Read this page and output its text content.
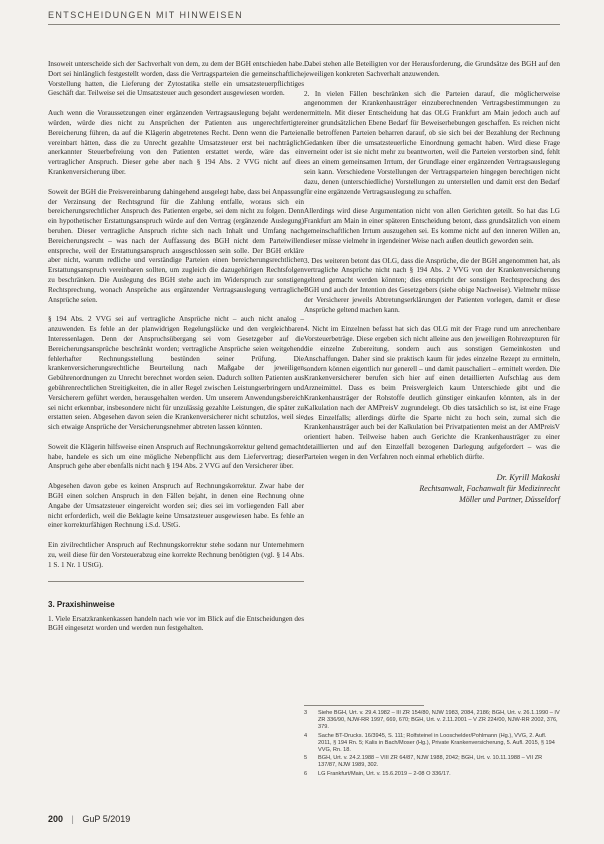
ENTSCHEIDUNGEN MIT HINWEISEN

Insoweit unterscheide sich der Sachverhalt von dem, zu dem der BGH entschieden habe. Dort sei hinlänglich festgestellt worden, dass die Vertragsparteien die gemeinschaftliche Vorstellung hatten, die Lieferung der Zytostatika stelle ein umsatzsteuerpflichtiges Geschäft dar. Teilweise sei die Umsatzsteuer auch gesondert ausgewiesen worden.

Auch wenn die Voraussetzungen einer ergänzenden Vertragsauslegung bejaht werden würden, würde dies nicht zu Ansprüchen der Patienten aus ungerechtfertigter Bereicherung führen, da auf die Klägerin abgetretenes Recht. Denn wenn die Parteien vereinbart hätten, dass die zu Unrecht gezahlte Umsatzsteuer erst bei nachträglich anerkannter Steuerbefreiung von den Patienten erstattet werde, wäre das ein vertraglicher Anspruch. Dieser gehe aber nach § 194 Abs. 2 VVG nicht auf die Krankenversicherung über.

Soweit der BGH die Preisvereinbarung dahingehend ausgelegt habe, dass bei Anpassung der Verzinsung der Rechtsgrund für die Zahlung entfalle, woraus sich ein bereicherungsrechtlicher Anspruch des Patienten ergebe, sei dem nicht zu folgen. Denn ein hypothetischer Erstattungsanspruch würde auf den Vertrag (ergänzende Auslegung) beruhen. Dieser vertragliche Anspruch richte sich nach Inhalt und Umfang nach Bereicherungsrecht – was nach der Auffassung des BGH nicht dem Parteiwillen entspreche, weil der Erstattungsanspruch ausgeschlossen sein solle. Der BGH erkläre aber nicht, warum redliche und verständige Parteien einen bereicherungsrechtlichen Erstattungsanspruch vereinbaren sollten, um zugleich die dazugehörigen Rechtsfolgen zu beschränken. Die Auslegung des BGH stehe auch im Widerspruch zur sonstigen Rechtsprechung, wonach Ansprüche aus ergänzender Vertragsauslegung vertragliche Ansprüche seien.

§ 194 Abs. 2 VVG sei auf vertragliche Ansprüche nicht – auch nicht analog – anzuwenden. Es fehle an der planwidrigen Regelungslücke und den vergleichbaren Interessenlagen. Denn der Anspruchsübergang sei vom Gesetzgeber auf die Bereicherungsansprüche beschränkt worden; vertragliche Ansprüche seien weitgehend fehlerhafter Rechnungsstellung bestünden seiner Prüfung. Die krankenversicherungsrechtliche Beurteilung nach Maßgabe der jeweiligen Gebührenordnungen zu Unrecht berechnet worden seien. Dadurch sollten Patienten aus gebührenrechtlichen Streitigkeiten, die in aller Regel zwischen Leistungserbringern und Versicherern geführt werden, herausgehalten werden. Um unserem Anwendungsbereich sei nicht erkennbar, insbesondere nicht für unzulässig gezahlte Leistungen, die später zu erstatten seien. Abgesehen davon seien die Krankenversicherer nicht schutzlos, weil sie sich etwaige Ansprüche der Versicherungsnehmer abtreten lassen könnten.

Soweit die Klägerin hilfsweise einen Anspruch auf Rechnungskorrektur geltend gemacht habe, handele es sich um eine mögliche Nebenpflicht aus dem Liefervertrag; dieser Anspruch gehe aber ebenfalls nicht nach § 194 Abs. 2 VVG auf den Versicherer über.

Abgesehen davon gebe es keinen Anspruch auf Rechnungskorrektur. Zwar habe der BGH einen solchen Anspruch in den Fällen bejaht, in denen eine Rechnung ohne Angabe der Umsatzsteuer eingereicht worden sei; dies sei im vorliegenden Fall aber nicht erforderlich, weil die Beklagte keine Umsatzsteuer ausgewiesen habe. Es fehle an einer korrekturfähigen Rechnung i.S.d. UStG.

Ein zivilrechtlicher Anspruch auf Rechnungskorrektur stehe sodann nur Unternehmern zu, weil diese für den Vorsteuerabzug eine korrekte Rechnung benötigten (vgl. § 14 Abs. 1 S. 1 Nr. 1 UStG).

3. Praxishinweise

1. Viele Ersatzkrankenkassen handeln nach wie vor im Blick auf die Entscheidungen des BGH eingesetzt worden und werden nun festgehalten.

Dabei stehen alle Beteiligten vor der Herausforderung, die Grundsätze des BGH auf den jeweiligen konkreten Sachverhalt anzuwenden.

2. In vielen Fällen beschränken sich die Parteien darauf, die möglicherweise angenommen der Krankenhausträger einzuberechnenden Vertragsbestimmungen zu ermitteln. Mit dieser Entscheidung hat das OLG Frankfurt am Main jedoch auch auf einer grundsätzlichen Ebene Bedarf für Beweiserhebungen geschaffen. Es reichen nicht alle betroffenen Parteien beharren darauf, ob sie sich bei der Bezahlung der Rechnung Gedanken über die umsatzsteuerliche Einordnung gemacht haben. Wird diese Frage verneint oder ist sie nicht mehr zu beantworten, weil die Parteien verstorben sind, fehlt es an einem gemeinsamen Irrtum, der Grundlage einer ergänzenden Vertragsauslegung sein kann. Verschiedene Vorstellungen der Vertragsparteien hingegen berechtigen nicht dazu, denen (unterschiedliche) Vorstellungen zu unterstellen und damit erst den Bedarf für eine ergänzende Vertragsauslegung zu schaffen.

Allerdings wird diese Argumentation nicht von allen Gerichten geteilt. So hat das LG Frankfurt am Main in einer späteren Entscheidung betont, dass grundsätzlich von einem gemeinschaftlichen Irrtum auszugehen sei. Es komme nicht auf den inneren Willen an, dieser müsse vielmehr in irgendeiner Weise nach außen deutlich geworden sein.

3. Des weiteren betont das OLG, dass die Ansprüche, die der BGH angenommen hat, als vertragliche Ansprüche nicht nach § 194 Abs. 2 VVG von der Krankenversicherung geltend gemacht werden könnten; dies entspricht der sonstigen Rechtsprechung des BGH und auch der Intention des Gesetzgebers (siehe obige Nachweise). Vielmehr müsse der Versicherer jeweils Abtretungserklärungen der Patienten vorlegen, damit er diese Ansprüche geltend machen kann.

4. Nicht im Einzelnen befasst hat sich das OLG mit der Frage rund um anrechenbare Vorsteuerbeträge. Diese ergeben sich nicht alleine aus den jeweiligen Rohrezepturen für die einzelne Zubereitung, sondern auch aus sonstigen Gemeinkosten und Anschaffungen. Daher sind sie praktisch kaum für jedes einzelne Rezept zu ermitteln, sondern können eigentlich nur generell – und damit pauschaliert – ermittelt werden. Die Krankenversicherer berufen sich hier auf einen detaillierten Aufschlag aus dem Arzneimittel. Dass es beim Preisvergleich kaum Unterschiede gibt und die Krankenhausträger der Rohstoffe deutlich günstiger einkaufen könnten, als in der Kalkulation nach der AMPreisV zugrundelegt. Ob dies tatsächlich so ist, ist eine Frage des Einzelfalls; allerdings dürfte die Sparte nicht zu hoch sein, zumal sich die Krankenhausträger auch bei der Kalkulation bei Privatpatienten meist an der AMPreisV orientiert haben. Teilweise haben auch Gerichte die Krankenhausträger zu einer detaillierten und auf den Einzelfall bezogenen Darlegung aufgefordert – was die Parteien wegen in den Verfahren noch einmal erheblich dürfte.

Dr. Kyrill Makoski
Rechtsanwalt, Fachanwalt für Medizinrecht
Möller und Partner, Düsseldorf
3	Siehe BGH, Urt. v. 29.4.1982 – III ZR 154/80, NJW 1983, 2084, 2186; BGH, Urt. v. 26.1.1990 – IV ZR 336/90, NJW-RR 1997, 669, 670; BGH, Urt. v. 2.11.2001 – V ZR 224/00, NJW-RR 2002, 376, 379.
4	Sache BT-Drucks. 16/3945, S. 111; Rolfsteinel in Looschelder/Pohlmann (Hg.), VVG, 2. Aufl. 2011, § 194 Rn. 5; Kalis in Bach/Moser (Hg.), Private Krankenversicherung, 5. Aufl. 2015, § 194 VVG, Rn. 18.
5	BGH, Urt. v. 24.2.1988 – VIII ZR 64/87, NJW 1988, 2042; BGH, Urt. v. 10.11.1988 – VII ZR 137/87, NJW 1989, 302.
6	LG Frankfurt/Main, Urt. v. 15.6.2019 – 2-08 O 336/17.
200 | GuP 5/2019
